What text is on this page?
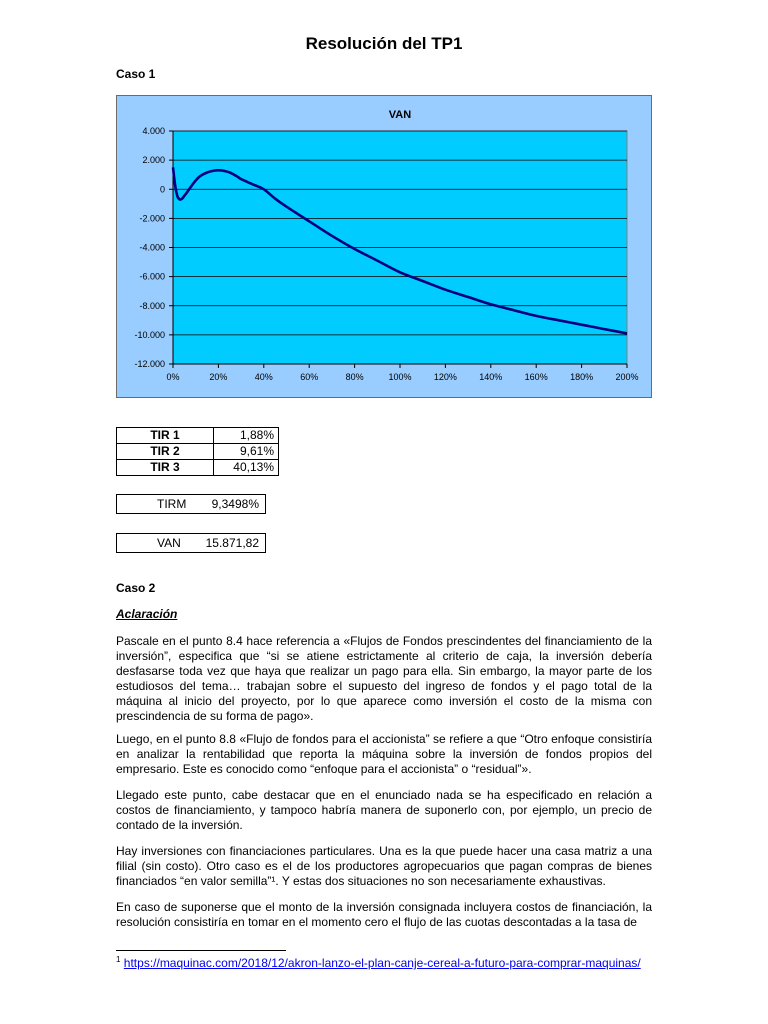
Resolución del TP1
Caso 1
VAN
4.000
2.000
0
-2.000
-4.000
-6.000
-8.000
-10.000
-12.000
0%	20%	40%	60%	80%	100% 120% 140% 160% 180% 200%
TIR 1	1,88%
TIR 2	9,61%
TIR 3	40,13%
TIRM 9,3498%
VAN 15.871,82
Caso 2
Aclaración

Pascale en el punto 8.4 hace referencia a «Flujos de Fondos prescindentes del financiamiento de la inversión”, especifica que “si se atiene estrictamente al criterio de caja, la inversión debería desfasarse toda vez que haya que realizar un pago para ella. Sin embargo, la mayor parte de los estudiosos del tema… trabajan sobre el supuesto del ingreso de fondos y el pago total de la máquina al inicio del proyecto, por lo que aparece como inversión el costo de la misma con prescindencia de su forma de pago».

Luego, en el punto 8.8 «Flujo de fondos para el accionista” se refiere a que “Otro enfoque consistiría en analizar la rentabilidad que reporta la máquina sobre la inversión de fondos propios del empresario. Este es conocido como “enfoque para el accionista” o “residual”».

Llegado este punto, cabe destacar que en el enunciado nada se ha especificado en relación a costos de financiamiento, y tampoco habría manera de suponerlo con, por ejemplo, un precio de contado de la inversión.

Hay inversiones con financiaciones particulares. Una es la que puede hacer una casa matriz a una filial (sin costo). Otro caso es el de los productores agropecuarios que pagan compras de bienes financiados “en valor semilla”¹. Y estas dos situaciones no son necesariamente exhaustivas.

En caso de suponerse que el monto de la inversión consignada incluyera costos de financiación, la resolución consistiría en tomar en el momento cero el flujo de las cuotas descontadas a la tasa de

$^1$ https://maquinac.com/2018/12/akron-lanzo-el-plan-canje-cereal-a-futuro-para-comprar-maquinas/
